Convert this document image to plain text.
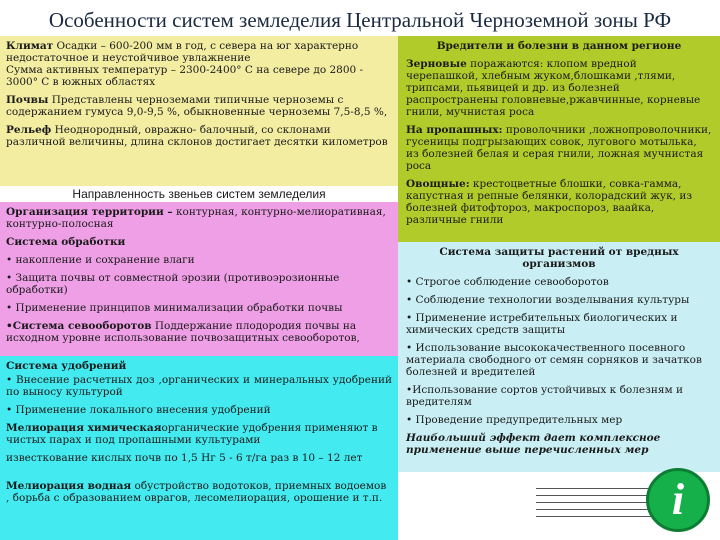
Особенности систем земледелия Центральной Черноземной зоны РФ
Климат Осадки – 600-200 мм в год, с севера на юг характерно недостаточное и неустойчивое увлажнение
Сумма активных температур – 2300-2400° С на севере до 2800 - 3000° С в южных областях
Почвы Представлены черноземами типичные черноземы с содержанием гумуса 9,0-9,5 %, обыкновенные черноземы 7,5-8,5 %,
Рельеф Неоднородный, овражно- балочный, со склонами различной величины, длина склонов достигает десятки километров
Вредители и болезни в данном регионе
Зерновые поражаются: клопом вредной черепашкой, хлебным жуком,блошками ,тлями, трипсами, пьявицей и др. из болезней распространены головневые,ржавчинные, корневые гнили, мучнистая роса
На пропашных: проволочники ,ложнопроволочники, гусеницы подгрызающих совок, лугового мотылька, из болезней белая и серая гнили, ложная мучнистая роса
Овощные: крестоцветные блошки, совка-гамма, капустная и репные белянки, колорадский жук, из болезней фитофтороз, макроспороз, ваайка, различные гнили
Направленность звеньев систем земледелия
Организация территории – контурная, контурно-мелиоративная, контурно-полосная
Система обработки
• накопление и сохранение влаги
• Защита почвы от совместной эрозии (противоэрозионные обработки)
• Применение принципов минимализации обработки почвы
•Система севооборотов Поддержание плодородия почвы на исходном уровне использование почвозащитных севооборотов,
Система удобрений
• Внесение расчетных доз ,органических и минеральных удобрений по выносу культурой
• Применение локального внесения удобрений
Мелиорация химическаяорганические удобрения применяют в чистых парах и под пропашными культурами
известкование кислых почв по 1,5 Нг 5 - 6 т/га раз в 10 – 12 лет
Мелиорация водная обустройство водотоков, приемных водоемов , борьба с образованием оврагов, лесомелиорация, орошение и т.п.
Система защиты растений от вредных организмов
• Строгое соблюдение севооборотов
• Соблюдение технологии возделывания культуры
• Применение истребительных биологических и химических средств защиты
• Использование высококачественного посевного материала свободного от семян сорняков и зачатков болезней и вредителей
•Использование сортов устойчивых к болезням и вредителям
• Проведение предупредительных мер
Наибольший эффект дает комплексное применение выше перечисленных мер
i
